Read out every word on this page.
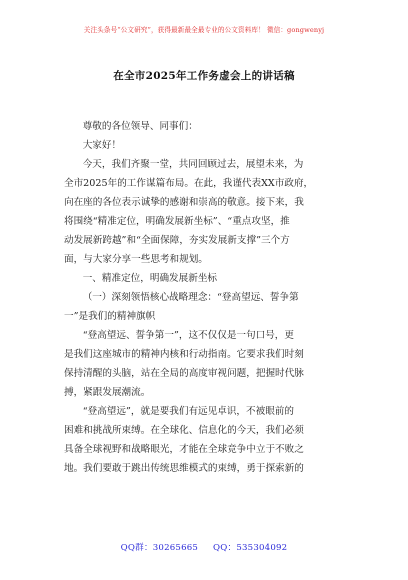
关注头条号“公文研究”，获得最新最全最专业的公文资料库！ 微信：gongwenyj
在全市2025年工作务虚会上的讲话稿

尊敬的各位领导、同事们：

大家好！

今天，我们齐聚一堂，共同回顾过去，展望未来，为

全市2025年的工作谋篇布局。在此，我谨代表XX市政府，

向在座的各位表示诚挚的感谢和崇高的敬意。接下来，我

将围绕“精准定位，明确发展新坐标”、“重点攻坚，推

动发展新跨越”和“全面保障，夯实发展新支撑”三个方

面，与大家分享一些思考和规划。

一、精准定位，明确发展新坐标

（一）深刻领悟核心战略理念：“登高望远、誓争第

一”是我们的精神旗帜

“登高望远、誓争第一”，这不仅仅是一句口号，更

是我们这座城市的精神内核和行动指南。它要求我们时刻

保持清醒的头脑，站在全局的高度审视问题，把握时代脉

搏，紧跟发展潮流。

“登高望远”，就是要我们有远见卓识，不被眼前的

困难和挑战所束缚。在全球化、信息化的今天，我们必须

具备全球视野和战略眼光，才能在全球竞争中立于不败之

地。我们要敢于跳出传统思维模式的束缚，勇于探索新的

QQ群：30265665 QQ：535304092
